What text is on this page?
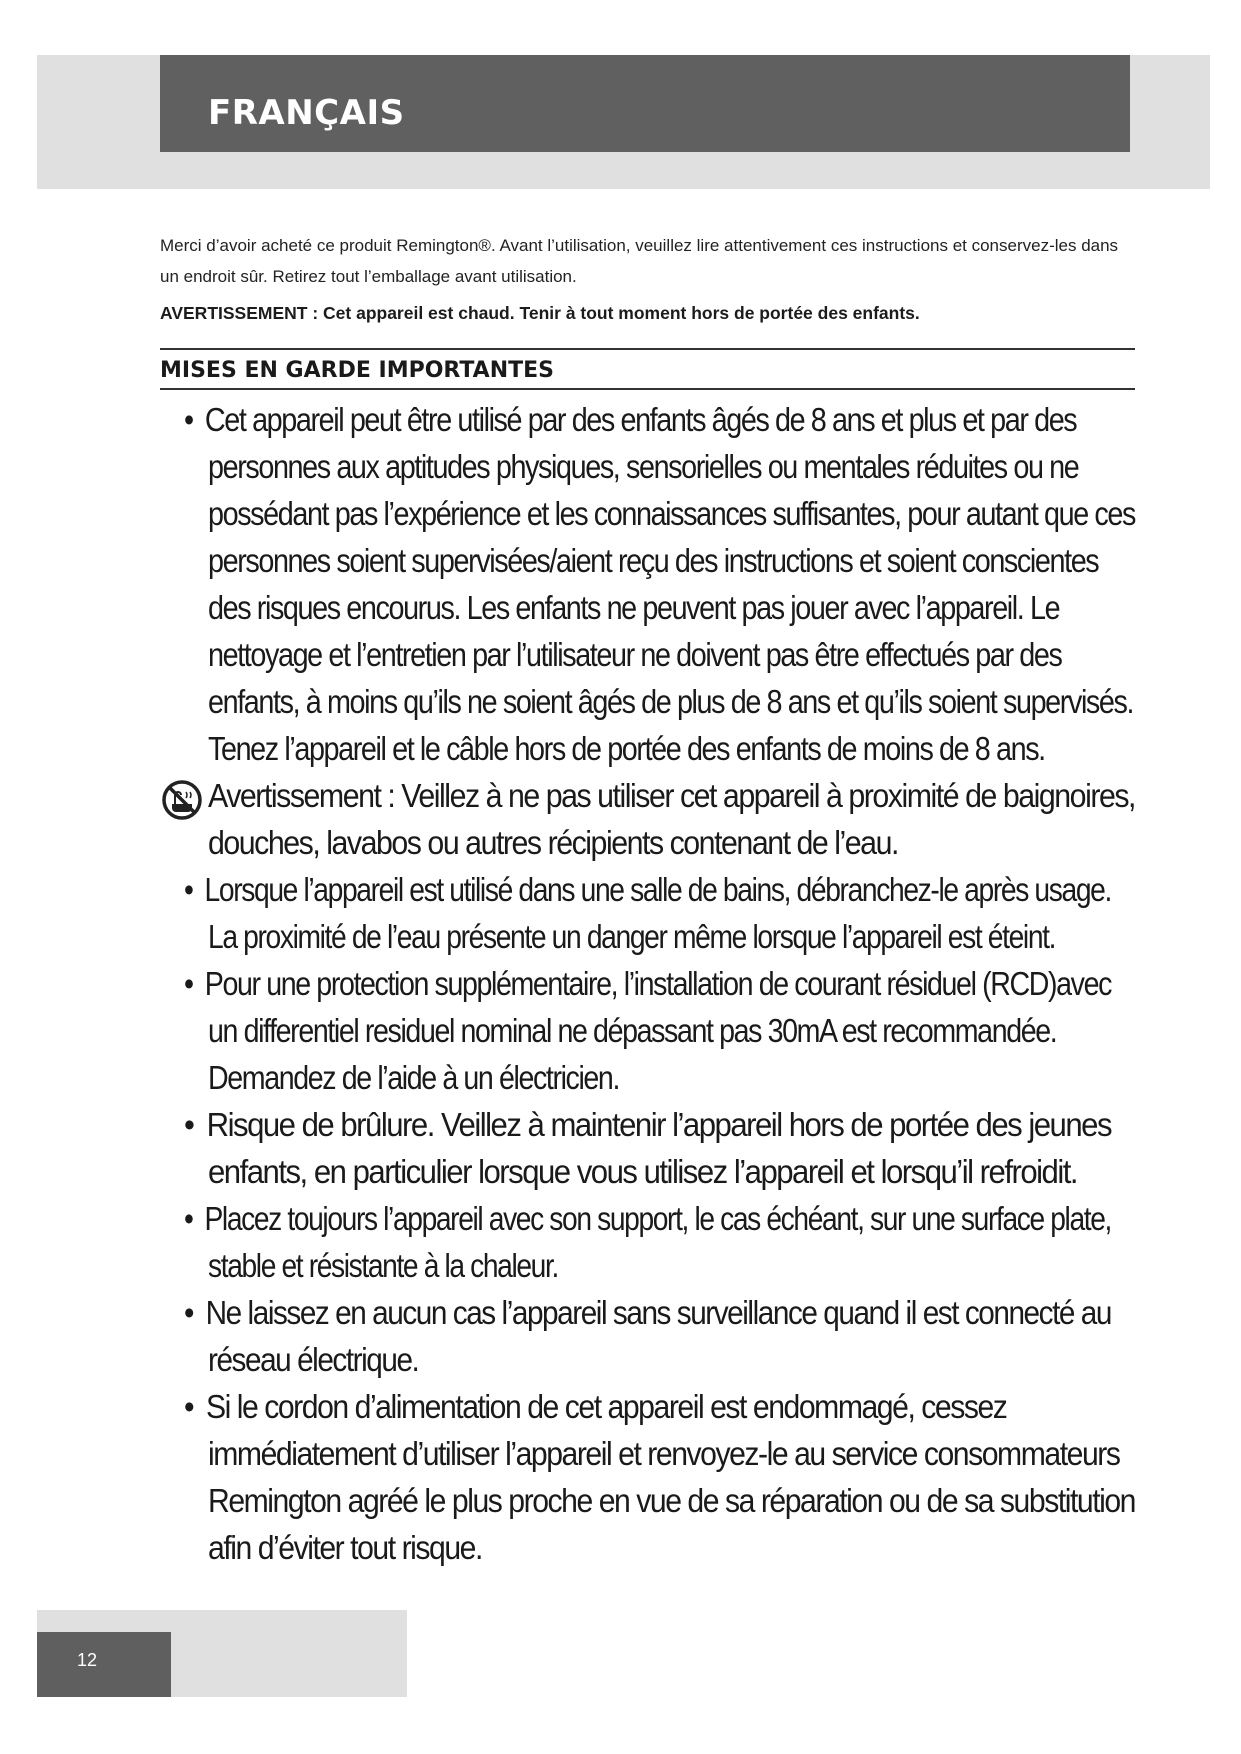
FRANÇAIS

Merci d’avoir acheté ce produit Remington®. Avant l’utilisation, veuillez lire attentivement ces instructions et conservez-les dans un endroit sûr. Retirez tout l’emballage avant utilisation.

AVERTISSEMENT : Cet appareil est chaud. Tenir à tout moment hors de portée des enfants.

MISES EN GARDE IMPORTANTES
• Cet appareil peut être utilisé par des enfants âgés de 8 ans et plus et par des
personnes aux aptitudes physiques, sensorielles ou mentales réduites ou ne
possédant pas l’expérience et les connaissances suffisantes, pour autant que ces
personnes soient supervisées/aient reçu des instructions et soient conscientes
des risques encourus. Les enfants ne peuvent pas jouer avec l’appareil. Le
nettoyage et l’entretien par l’utilisateur ne doivent pas être effectués par des
enfants, à moins qu’ils ne soient âgés de plus de 8 ans et qu’ils soient supervisés.
Tenez l’appareil et le câble hors de portée des enfants de moins de 8 ans.
Avertissement : Veillez à ne pas utiliser cet appareil à proximité de baignoires,
douches, lavabos ou autres récipients contenant de l’eau.
• Lorsque l’appareil est utilisé dans une salle de bains, débranchez-le après usage.
La proximité de l’eau présente un danger même lorsque l’appareil est éteint.
• Pour une protection supplémentaire, l’installation de courant résiduel (RCD)avec
un differentiel residuel nominal ne dépassant pas 30mA est recommandée.
Demandez de l’aide à un électricien.
• Risque de brûlure. Veillez à maintenir l’appareil hors de portée des jeunes
enfants, en particulier lorsque vous utilisez l’appareil et lorsqu’il refroidit.
• Placez toujours l’appareil avec son support, le cas échéant, sur une surface plate,
stable et résistante à la chaleur.
• Ne laissez en aucun cas l’appareil sans surveillance quand il est connecté au
réseau électrique.
• Si le cordon d’alimentation de cet appareil est endommagé, cessez
immédiatement d’utiliser l’appareil et renvoyez-le au service consommateurs
Remington agréé le plus proche en vue de sa réparation ou de sa substitution
afin d’éviter tout risque.
12
